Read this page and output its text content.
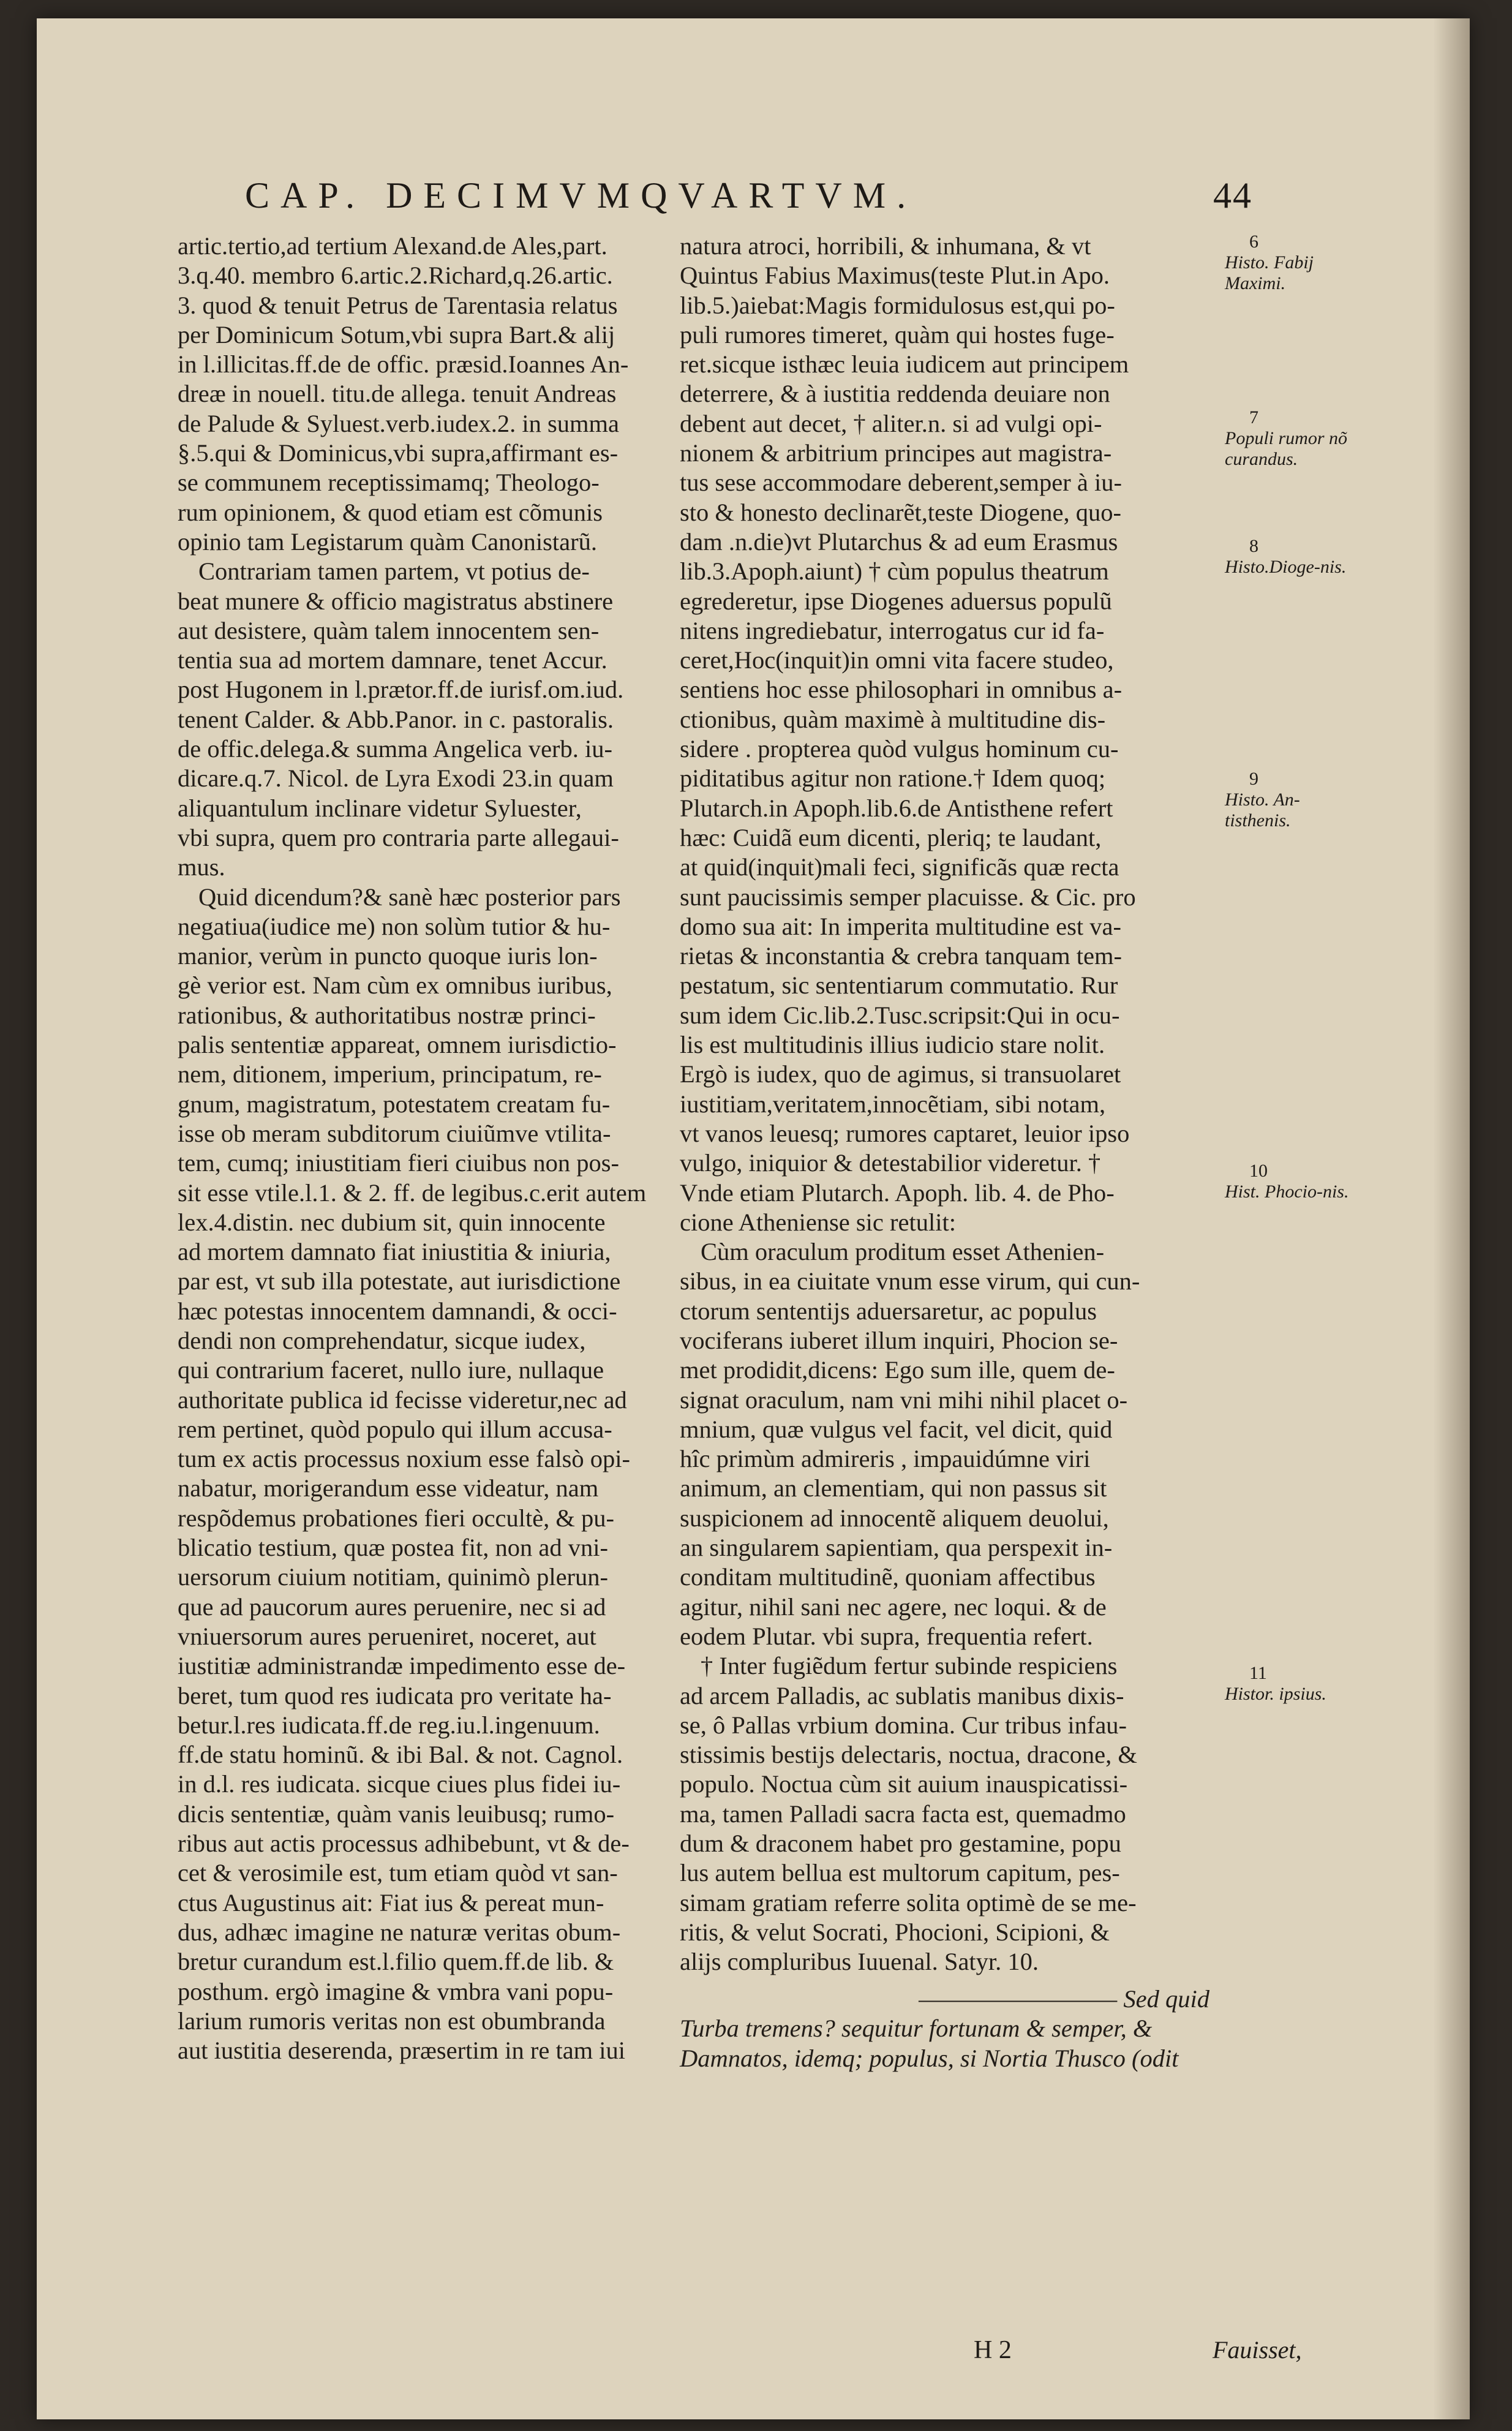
CAP. DECIMVMQVARTVM.	44
artic.tertio,ad tertium Alexand.de Ales,part.
3.q.40. membro 6.artic.2.Richard,q.26.artic.
3. quod & tenuit Petrus de Tarentasia relatus
per Dominicum Sotum,vbi supra Bart.& alij
in l.illicitas.ff.de de offic. præsid.Ioannes An-
dreæ in nouell. titu.de allega. tenuit Andreas
de Palude & Syluest.verb.iudex.2. in summa
§.5.qui & Dominicus,vbi supra,affirmant es-
se communem receptissimamq; Theologo-
rum opinionem, & quod etiam est cõmunis
opinio tam Legistarum quàm Canonistarũ.
Contrariam tamen partem, vt potius de-
beat munere & officio magistratus abstinere
aut desistere, quàm talem innocentem sen-
tentia sua ad mortem damnare, tenet Accur.
post Hugonem in l.prætor.ff.de iurisf.om.iud.
tenent Calder. & Abb.Panor. in c. pastoralis.
de offic.delega.& summa Angelica verb. iu-
dicare.q.7. Nicol. de Lyra Exodi 23.in quam
aliquantulum inclinare videtur Syluester,
vbi supra, quem pro contraria parte allegaui-
mus.
Quid dicendum?& sanè hæc posterior pars
negatiua(iudice me) non solùm tutior & hu-
manior, verùm in puncto quoque iuris lon-
gè verior est. Nam cùm ex omnibus iuribus,
rationibus, & authoritatibus nostræ princi-
palis sententiæ appareat, omnem iurisdictio-
nem, ditionem, imperium, principatum, re-
gnum, magistratum, potestatem creatam fu-
isse ob meram subditorum ciuiũmve vtilita-
tem, cumq; iniustitiam fieri ciuibus non pos-
sit esse vtile.l.1. & 2. ff. de legibus.c.erit autem
lex.4.distin. nec dubium sit, quin innocente
ad mortem damnato fiat iniustitia & iniuria,
par est, vt sub illa potestate, aut iurisdictione
hæc potestas innocentem damnandi, & occi-
dendi non comprehendatur, sicque iudex,
qui contrarium faceret, nullo iure, nullaque
authoritate publica id fecisse videretur,nec ad
rem pertinet, quòd populo qui illum accusa-
tum ex actis processus noxium esse falsò opi-
nabatur, morigerandum esse videatur, nam
respõdemus probationes fieri occultè, & pu-
blicatio testium, quæ postea fit, non ad vni-
uersorum ciuium notitiam, quinimò plerun-
que ad paucorum aures peruenire, nec si ad
vniuersorum aures perueniret, noceret, aut
iustitiæ administrandæ impedimento esse de-
beret, tum quod res iudicata pro veritate ha-
betur.l.res iudicata.ff.de reg.iu.l.ingenuum.
ff.de statu hominũ. & ibi Bal. & not. Cagnol.
in d.l. res iudicata. sicque ciues plus fidei iu-
dicis sententiæ, quàm vanis leuibusq; rumo-
ribus aut actis processus adhibebunt, vt & de-
cet & verosimile est, tum etiam quòd vt san-
ctus Augustinus ait: Fiat ius & pereat mun-
dus, adhæc imagine ne naturæ veritas obum-
bretur curandum est.l.filio quem.ff.de lib. &
posthum. ergò imagine & vmbra vani popu-
larium rumoris veritas non est obumbranda
aut iustitia deserenda, præsertim in re tam iui
natura atroci, horribili, & inhumana, & vt
Quintus Fabius Maximus(teste Plut.in Apo.
lib.5.)aiebat:Magis formidulosus est,qui po-
puli rumores timeret, quàm qui hostes fuge-
ret.sicque isthæc leuia iudicem aut principem
deterrere, & à iustitia reddenda deuiare non
debent aut decet, † aliter.n. si ad vulgi opi-
nionem & arbitrium principes aut magistra-
tus sese accommodare deberent,semper à iu-
sto & honesto declinarẽt,teste Diogene, quo-
dam .n.die)vt Plutarchus & ad eum Erasmus
lib.3.Apoph.aiunt) † cùm populus theatrum
egrederetur, ipse Diogenes aduersus populũ
nitens ingrediebatur, interrogatus cur id fa-
ceret,Hoc(inquit)in omni vita facere studeo,
sentiens hoc esse philosophari in omnibus a-
ctionibus, quàm maximè à multitudine dis-
sidere . propterea quòd vulgus hominum cu-
piditatibus agitur non ratione.† Idem quoq;
Plutarch.in Apoph.lib.6.de Antisthene refert
hæc: Cuidã eum dicenti, pleriq; te laudant,
at quid(inquit)mali feci, significãs quæ recta
sunt paucissimis semper placuisse. & Cic. pro
domo sua ait: In imperita multitudine est va-
rietas & inconstantia & crebra tanquam tem-
pestatum, sic sententiarum commutatio. Rur
sum idem Cic.lib.2.Tusc.scripsit:Qui in ocu-
lis est multitudinis illius iudicio stare nolit.
Ergò is iudex, quo de agimus, si transuolaret
iustitiam,veritatem,innocẽtiam, sibi notam,
vt vanos leuesq; rumores captaret, leuior ipso
vulgo, iniquior & detestabilior videretur. †
Vnde etiam Plutarch. Apoph. lib. 4. de Pho-
cione Atheniense sic retulit:
Cùm oraculum proditum esset Athenien-
sibus, in ea ciuitate vnum esse virum, qui cun-
ctorum sententijs aduersaretur, ac populus
vociferans iuberet illum inquiri, Phocion se-
met prodidit,dicens: Ego sum ille, quem de-
signat oraculum, nam vni mihi nihil placet o-
mnium, quæ vulgus vel facit, vel dicit, quid
hîc primùm admireris , impauidúmne viri
animum, an clementiam, qui non passus sit
suspicionem ad innocentẽ aliquem deuolui,
an singularem sapientiam, qua perspexit in-
conditam multitudinẽ, quoniam affectibus
agitur, nihil sani nec agere, nec loqui. & de
eodem Plutar. vbi supra, frequentia refert.
† Inter fugiẽdum fertur subinde respiciens
ad arcem Palladis, ac sublatis manibus dixis-
se, ô Pallas vrbium domina. Cur tribus infau-
stissimis bestijs delectaris, noctua, dracone, &
populo. Noctua cùm sit auium inauspicatissi-
ma, tamen Palladi sacra facta est, quemadmo
dum & draconem habet pro gestamine, popu
lus autem bellua est multorum capitum, pes-
simam gratiam referre solita optimè de se me-
ritis, & velut Socrati, Phocioni, Scipioni, &
alijs compluribus Iuuenal. Satyr. 10.
————————— Sed quid
Turba tremens? sequitur fortunam & semper, &
Damnatos, idemq; populus, si Nortia Thusco (odit
6
Histo. Fabij Maximi.
7
Populi rumor nõ curandus.
8
Histo.Dioge-nis.
9
Histo. An-tisthenis.
10
Hist. Phocio-nis.
11
Histor. ipsius.
H 2	Fauisset,
